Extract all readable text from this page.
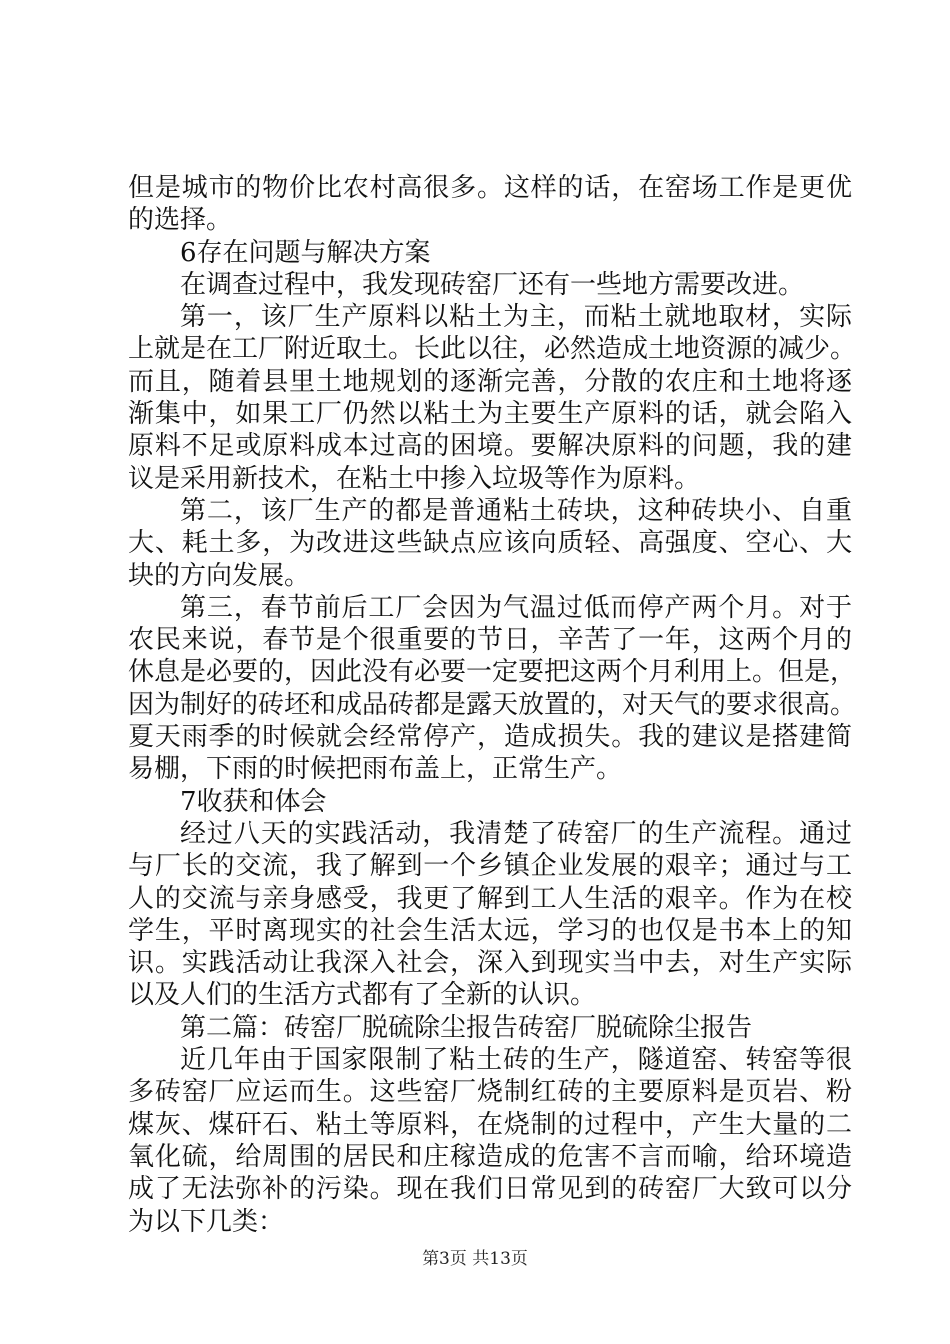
但是城市的物价比农村高很多。这样的话，在窑场工作是更优
的选择。
6存在问题与解决方案
在调查过程中，我发现砖窑厂还有一些地方需要改进。
第一，该厂生产原料以粘土为主，而粘土就地取材，实际
上就是在工厂附近取土。长此以往，必然造成土地资源的减少。
而且，随着县里土地规划的逐渐完善，分散的农庄和土地将逐
渐集中，如果工厂仍然以粘土为主要生产原料的话，就会陷入
原料不足或原料成本过高的困境。要解决原料的问题，我的建
议是采用新技术，在粘土中掺入垃圾等作为原料。
第二，该厂生产的都是普通粘土砖块，这种砖块小、自重
大、耗土多，为改进这些缺点应该向质轻、高强度、空心、大
块的方向发展。
第三，春节前后工厂会因为气温过低而停产两个月。对于
农民来说，春节是个很重要的节日，辛苦了一年，这两个月的
休息是必要的，因此没有必要一定要把这两个月利用上。但是，
因为制好的砖坯和成品砖都是露天放置的，对天气的要求很高。
夏天雨季的时候就会经常停产，造成损失。我的建议是搭建简
易棚，下雨的时候把雨布盖上，正常生产。
7收获和体会
经过八天的实践活动，我清楚了砖窑厂的生产流程。通过
与厂长的交流，我了解到一个乡镇企业发展的艰辛；通过与工
人的交流与亲身感受，我更了解到工人生活的艰辛。作为在校
学生，平时离现实的社会生活太远，学习的也仅是书本上的知
识。实践活动让我深入社会，深入到现实当中去，对生产实际
以及人们的生活方式都有了全新的认识。
第二篇：砖窑厂脱硫除尘报告砖窑厂脱硫除尘报告
近几年由于国家限制了粘土砖的生产，隧道窑、转窑等很
多砖窑厂应运而生。这些窑厂烧制红砖的主要原料是页岩、粉
煤灰、煤矸石、粘土等原料，在烧制的过程中，产生大量的二
氧化硫，给周围的居民和庄稼造成的危害不言而喻，给环境造
成了无法弥补的污染。现在我们日常见到的砖窑厂大致可以分
为以下几类：
第3页 共13页
